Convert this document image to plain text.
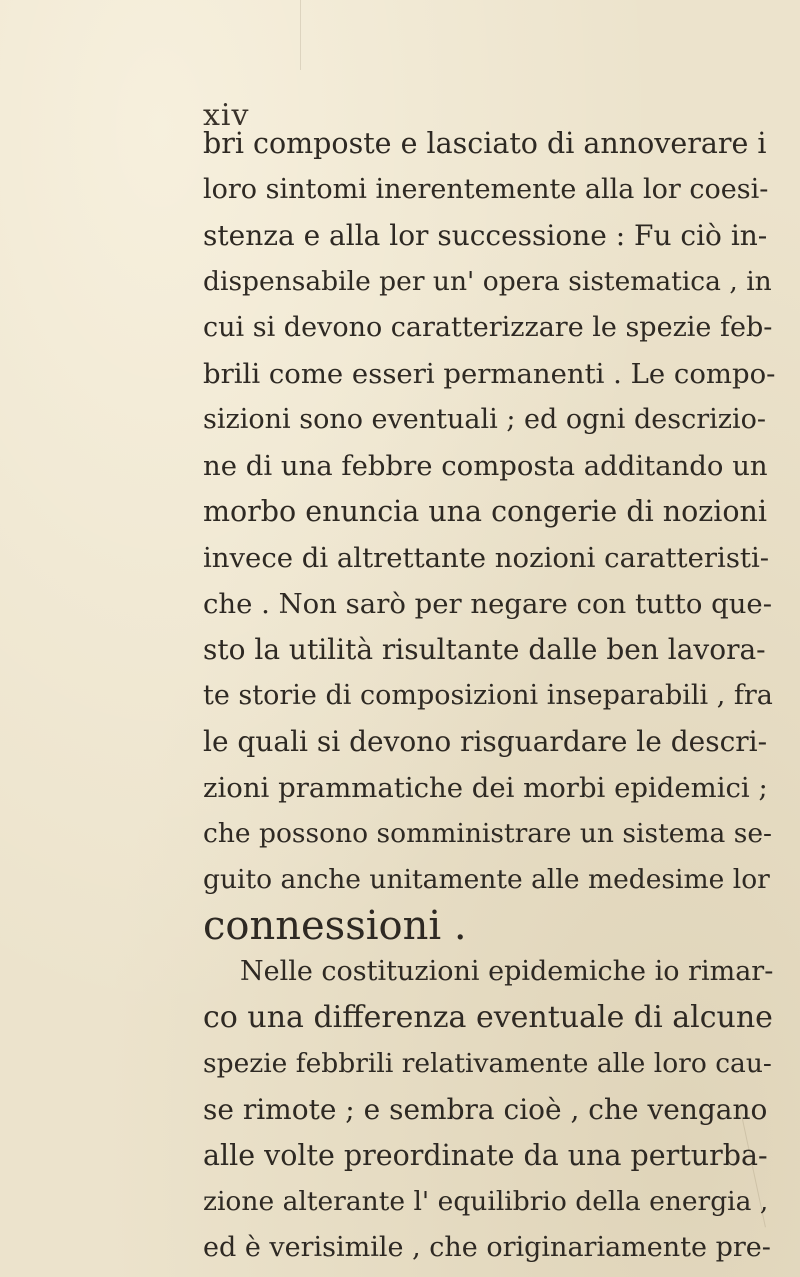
xiv
bri composte e lasciato di annoverare i
loro sintomi inerentemente alla lor coesi-
stenza e alla lor successione : Fu ciò in-
dispensabile per un' opera sistematica , in
cui si devono caratterizzare le spezie feb-
brili come esseri permanenti . Le compo-
sizioni sono eventuali ; ed ogni descrizio-
ne di una febbre composta additando un
morbo enuncia una congerie di nozioni
invece di altrettante nozioni caratteristi-
che . Non sarò per negare con tutto que-
sto la utilità risultante dalle ben lavora-
te storie di composizioni inseparabili , fra
le quali si devono risguardare le descri-
zioni prammatiche dei morbi epidemici ;
che possono somministrare un sistema se-
guito anche unitamente alle medesime lor
connessioni .
Nelle costituzioni epidemiche io rimar-
co una differenza eventuale di alcune
spezie febbrili relativamente alle loro cau-
se rimote ; e sembra cioè , che vengano
alle volte preordinate da una perturba-
zione alterante l' equilibrio della energia ,
ed è verisimile , che originariamente pre-
